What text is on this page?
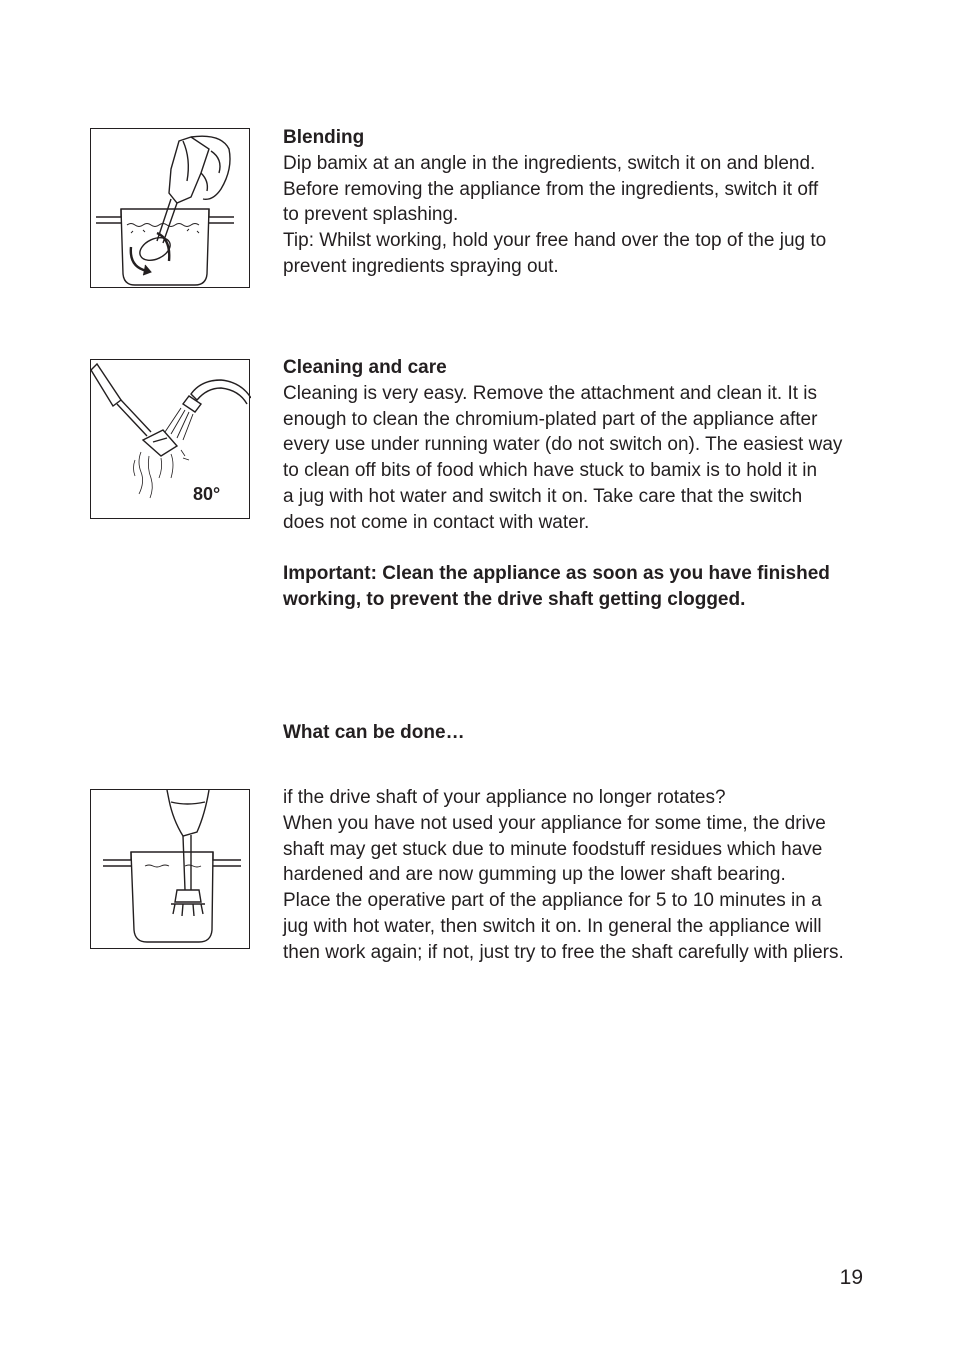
Blending

Dip bamix at an angle in the ingredients, switch it on and blend.

Before removing the appliance from the ingredients, switch it off

to prevent splashing.

Tip: Whilst working, hold your free hand over the top of the jug to

prevent ingredients spraying out.

80°

Cleaning and care

Cleaning is very easy. Remove the attachment and clean it. It is

enough to clean the chromium-plated part of the appliance after

every use under running water (do not switch on). The easiest way

to clean off bits of food which have stuck to bamix is to hold it in

a jug with hot water and switch it on. Take care that the switch

does not come in contact with water.

Important: Clean the appliance as soon as you have finished

working, to prevent the drive shaft getting clogged.

What can be done…

if the drive shaft of your appliance no longer rotates?

When you have not used your appliance for some time, the drive

shaft may get stuck due to minute foodstuff residues which have

hardened and are now gumming up the lower shaft bearing.

Place the operative part of the appliance for 5 to 10 minutes in a

jug with hot water, then switch it on. In general the appliance will

then work again; if not, just try to free the shaft carefully with pliers.

19
